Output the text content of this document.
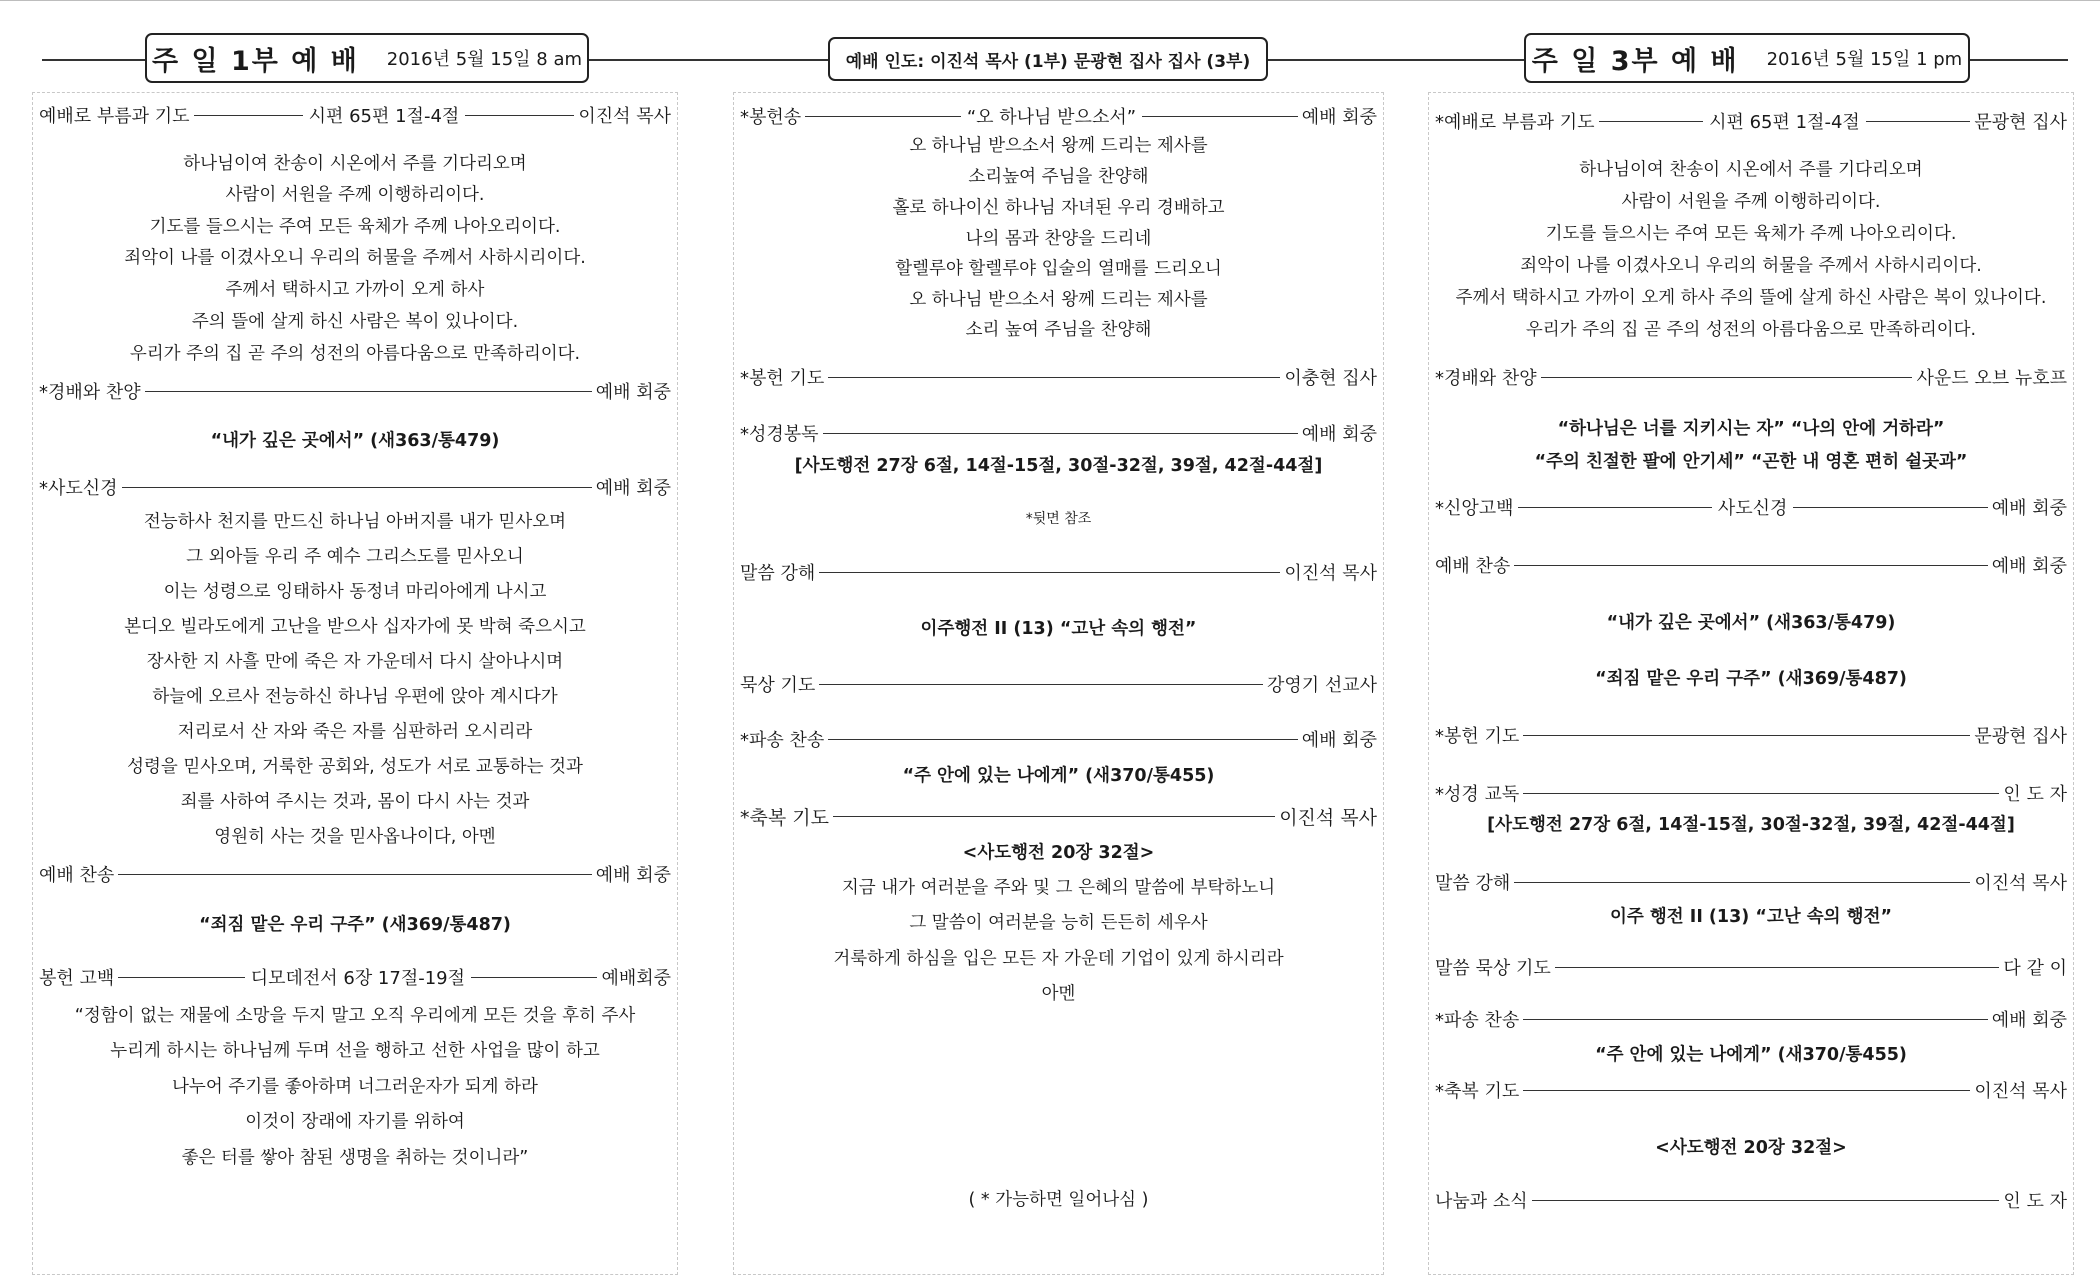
주 일 1부 예 배 2016년 5월 15일 8 am	예배 인도: 이진석 목사 (1부) 문광현 집사 집사 (3부)	주 일 3부 예 배 2016년 5월 15일 1 pm
예배로 부름과 기도	시편 65편 1절-4절	이진석 목사
하나님이여 찬송이 시온에서 주를 기다리오며
사람이 서원을 주께 이행하리이다.
기도를 들으시는 주여 모든 육체가 주께 나아오리이다.
죄악이 나를 이겼사오니 우리의 허물을 주께서 사하시리이다.
주께서 택하시고 가까이 오게 하사
주의 뜰에 살게 하신 사람은 복이 있나이다.
우리가 주의 집 곧 주의 성전의 아름다움으로 만족하리이다.
*경배와 찬양	예배 회중
“내가 깊은 곳에서” (새363/통479)
*사도신경	예배 회중
전능하사 천지를 만드신 하나님 아버지를 내가 믿사오며
그 외아들 우리 주 예수 그리스도를 믿사오니
이는 성령으로 잉태하사 동정녀 마리아에게 나시고
본디오 빌라도에게 고난을 받으사 십자가에 못 박혀 죽으시고
장사한 지 사흘 만에 죽은 자 가운데서 다시 살아나시며
하늘에 오르사 전능하신 하나님 우편에 앉아 계시다가
저리로서 산 자와 죽은 자를 심판하러 오시리라
성령을 믿사오며, 거룩한 공회와, 성도가 서로 교통하는 것과
죄를 사하여 주시는 것과, 몸이 다시 사는 것과
영원히 사는 것을 믿사옵나이다, 아멘
예배 찬송	예배 회중
“죄짐 맡은 우리 구주” (새369/통487)
봉헌 고백	디모데전서 6장 17절-19절	예배회중
“정함이 없는 재물에 소망을 두지 말고 오직 우리에게 모든 것을 후히 주사
누리게 하시는 하나님께 두며 선을 행하고 선한 사업을 많이 하고
나누어 주기를 좋아하며 너그러운자가 되게 하라
이것이 장래에 자기를 위하여
좋은 터를 쌓아 참된 생명을 취하는 것이니라”
*봉헌송	“오 하나님 받으소서”	예배 회중
오 하나님 받으소서 왕께 드리는 제사를
소리높여 주님을 찬양해
홀로 하나이신 하나님 자녀된 우리 경배하고
나의 몸과 찬양을 드리네
할렐루야 할렐루야 입술의 열매를 드리오니
오 하나님 받으소서 왕께 드리는 제사를
소리 높여 주님을 찬양해
*봉헌 기도	이충현 집사
*성경봉독	예배 회중
[사도행전 27장 6절, 14절-15절, 30절-32절, 39절, 42절-44절]
*뒷면 참조
말씀 강해	이진석 목사
이주행전 II (13) “고난 속의 행전”
묵상 기도	강영기 선교사
*파송 찬송	예배 회중
“주 안에 있는 나에게” (새370/통455)
*축복 기도	이진석 목사
<사도행전 20장 32절>
지금 내가 여러분을 주와 및 그 은혜의 말씀에 부탁하노니
그 말씀이 여러분을 능히 든든히 세우사
거룩하게 하심을 입은 모든 자 가운데 기업이 있게 하시리라
아멘
( * 가능하면 일어나심 )
*예배로 부름과 기도	시편 65편 1절-4절	문광현 집사
하나님이여 찬송이 시온에서 주를 기다리오며
사람이 서원을 주께 이행하리이다.
기도를 들으시는 주여 모든 육체가 주께 나아오리이다.
죄악이 나를 이겼사오니 우리의 허물을 주께서 사하시리이다.
주께서 택하시고 가까이 오게 하사 주의 뜰에 살게 하신 사람은 복이 있나이다.
우리가 주의 집 곧 주의 성전의 아름다움으로 만족하리이다.
*경배와 찬양	사운드 오브 뉴호프
“하나님은 너를 지키시는 자” “나의 안에 거하라”
“주의 친절한 팔에 안기세” “곤한 내 영혼 편히 쉴곳과”
*신앙고백	사도신경	예배 회중
예배 찬송	예배 회중
“내가 깊은 곳에서” (새363/통479)
“죄짐 맡은 우리 구주” (새369/통487)
*봉헌 기도	문광현 집사
*성경 교독	인 도 자
[사도행전 27장 6절, 14절-15절, 30절-32절, 39절, 42절-44절]
말씀 강해	이진석 목사
이주 행전 II (13) “고난 속의 행전”
말씀 묵상 기도	다 같 이
*파송 찬송	예배 회중
“주 안에 있는 나에게” (새370/통455)
*축복 기도	이진석 목사
<사도행전 20장 32절>
나눔과 소식	인 도 자
